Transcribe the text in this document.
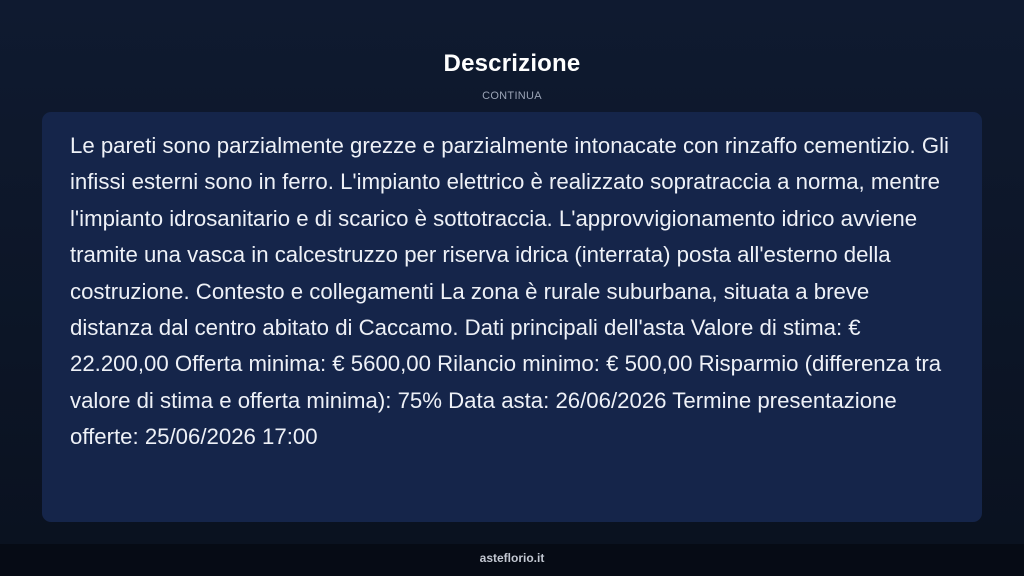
Descrizione
CONTINUA

Le pareti sono parzialmente grezze e parzialmente intonacate con rinzaffo cementizio. Gli infissi esterni sono in ferro. L'impianto elettrico è realizzato sopratraccia a norma, mentre l'impianto idrosanitario e di scarico è sottotraccia. L'approvvigionamento idrico avviene tramite una vasca in calcestruzzo per riserva idrica (interrata) posta all'esterno della costruzione. Contesto e collegamenti La zona è rurale suburbana, situata a breve distanza dal centro abitato di Caccamo. Dati principali dell'asta Valore di stima: € 22.200,00 Offerta minima: € 5600,00 Rilancio minimo: € 500,00 Risparmio (differenza tra valore di stima e offerta minima): 75% Data asta: 26/06/2026 Termine presentazione offerte: 25/06/2026 17:00

asteflorio.it
